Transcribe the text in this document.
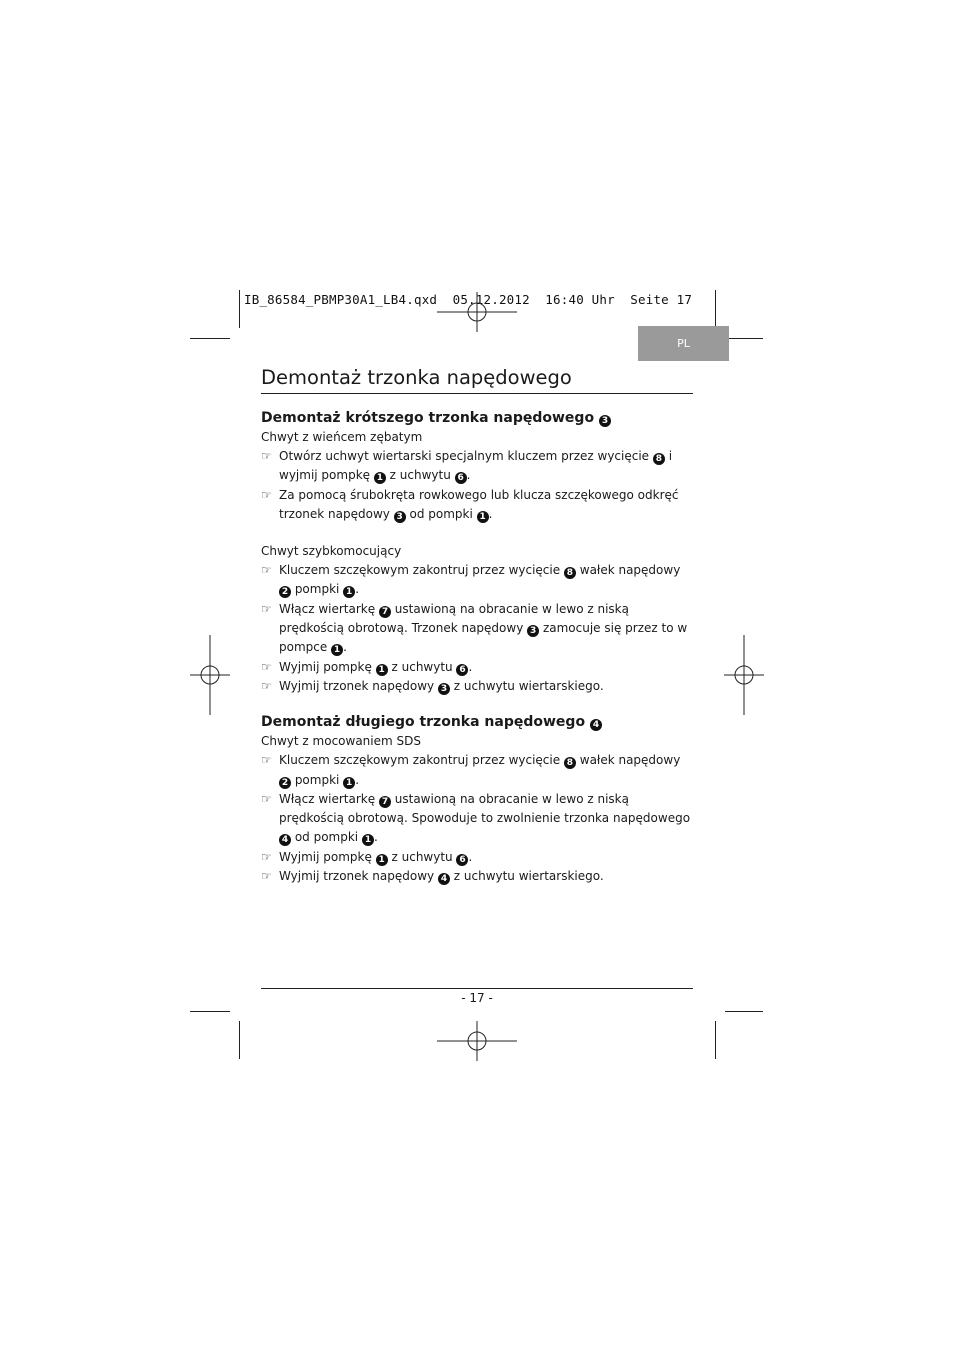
IB_86584_PBMP30A1_LB4.qxd  05.12.2012  16:40 Uhr  Seite 17
PL
Demontaż trzonka napędowego
Demontaż krótszego trzonka napędowego 3
Chwyt z wieńcem zębatym
☞ Otwórz uchwyt wiertarski specjalnym kluczem przez wycięcie 8 i wyjmij pompkę 1 z uchwytu 6 .
☞ Za pomocą śrubokręta rowkowego lub klucza szczękowego odkręć trzonek napędowy 3 od pompki 1 .
Chwyt szybkomocujący
☞ Kluczem szczękowym zakontruj przez wycięcie 8 wałek napędowy 2 pompki 1 .
☞ Włącz wiertarkę 7 ustawioną na obracanie w lewo z niską prędkością obrotową. Trzonek napędowy 3 zamocuje się przez to w pompce 1 .
☞ Wyjmij pompkę 1 z uchwytu 6 .
☞ Wyjmij trzonek napędowy 3 z uchwytu wiertarskiego.
Demontaż długiego trzonka napędowego 4
Chwyt z mocowaniem SDS
☞ Kluczem szczękowym zakontruj przez wycięcie 8 wałek napędowy 2 pompki 1 .
☞ Włącz wiertarkę 7 ustawioną na obracanie w lewo z niską prędkością obrotową. Spowoduje to zwolnienie trzonka napędowego 4 od pompki 1 .
☞ Wyjmij pompkę 1 z uchwytu 6 .
☞ Wyjmij trzonek napędowy 4 z uchwytu wiertarskiego.
- 17 -
